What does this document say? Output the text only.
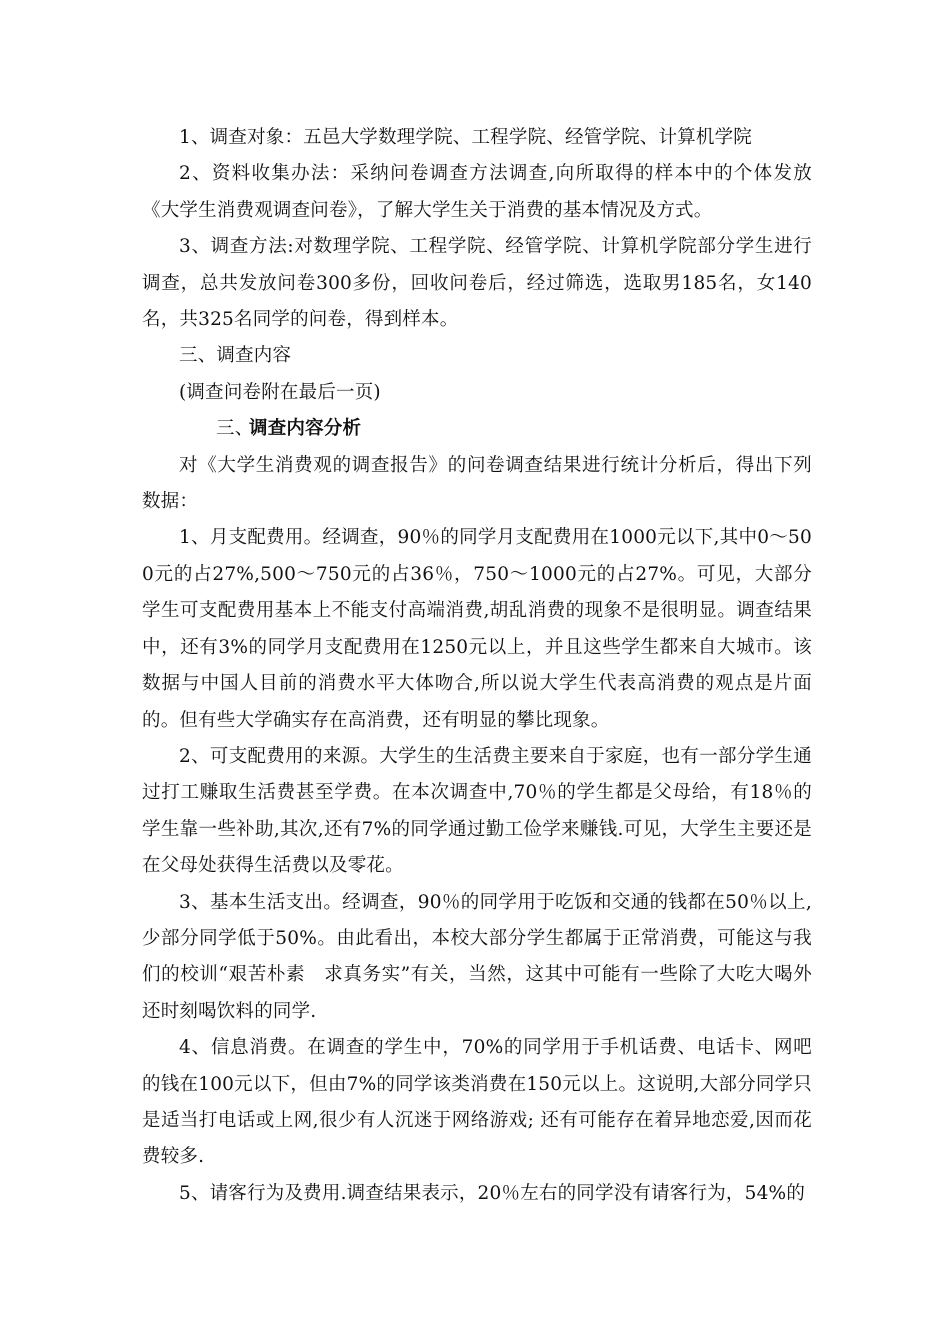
1、调查对象：五邑大学数理学院、工程学院、经管学院、计算机学院

2、资料收集办法：采纳问卷调查方法调查,向所取得的样本中的个体发放《大学生消费观调查问卷》，了解大学生关于消费的基本情况及方式。

3、调查方法:对数理学院、工程学院、经管学院、计算机学院部分学生进行调查，总共发放问卷300多份，回收问卷后，经过筛选，选取男185名，女140名，共325名同学的问卷，得到样本。

三、调查内容

(调查问卷附在最后一页)

三、调查内容分析

对《大学生消费观的调查报告》的问卷调查结果进行统计分析后，得出下列数据：

1、月支配费用。经调查，90％的同学月支配费用在1000元以下,其中0～500元的占27%,500～750元的占36％，750～1000元的占27%。可见，大部分学生可支配费用基本上不能支付高端消费,胡乱消费的现象不是很明显。调查结果中，还有3%的同学月支配费用在1250元以上，并且这些学生都来自大城市。该数据与中国人目前的消费水平大体吻合,所以说大学生代表高消费的观点是片面的。但有些大学确实存在高消费，还有明显的攀比现象。

2、可支配费用的来源。大学生的生活费主要来自于家庭，也有一部分学生通过打工赚取生活费甚至学费。在本次调查中,70％的学生都是父母给，有18％的学生靠一些补助,其次,还有7%的同学通过勤工俭学来赚钱.可见，大学生主要还是在父母处获得生活费以及零花。

3、基本生活支出。经调查，90％的同学用于吃饭和交通的钱都在50％以上,少部分同学低于50%。由此看出，本校大部分学生都属于正常消费，可能这与我们的校训“艰苦朴素　求真务实”有关，当然，这其中可能有一些除了大吃大喝外还时刻喝饮料的同学.

4、信息消费。在调查的学生中，70%的同学用于手机话费、电话卡、网吧的钱在100元以下，但由7%的同学该类消费在150元以上。这说明,大部分同学只是适当打电话或上网,很少有人沉迷于网络游戏; 还有可能存在着异地恋爱,因而花费较多.

5、请客行为及费用.调查结果表示，20％左右的同学没有请客行为，54%的
